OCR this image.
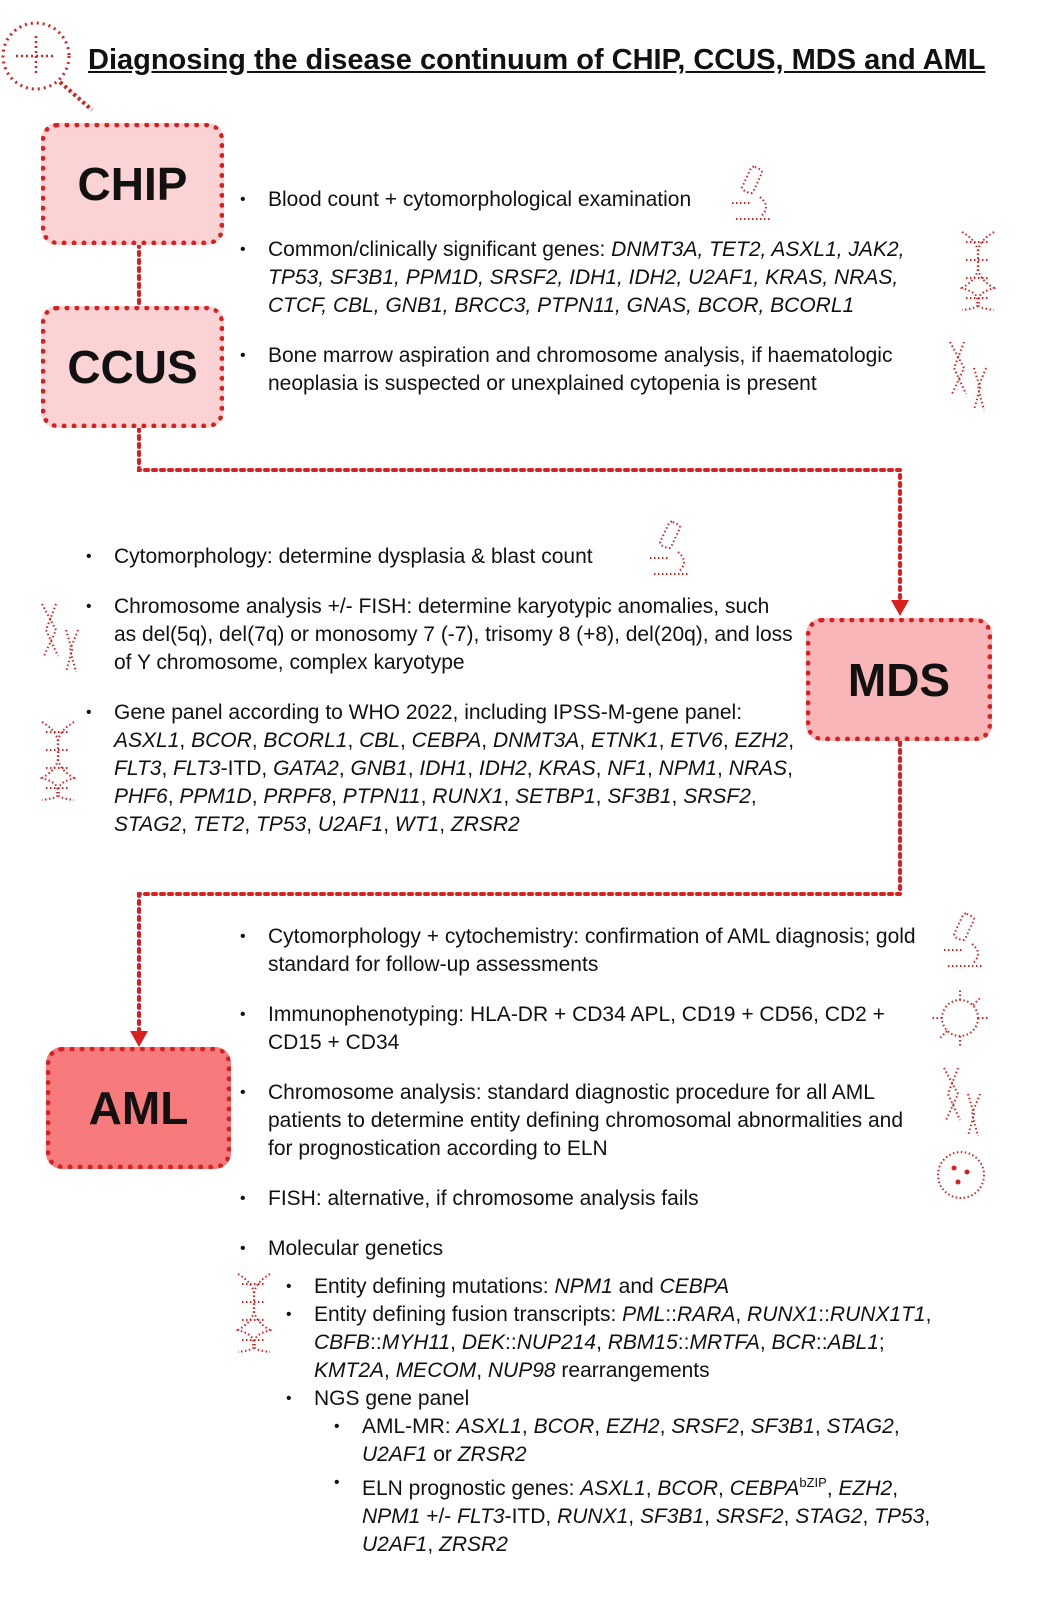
Diagnosing the disease continuum of CHIP, CCUS, MDS and AML
CHIP
CCUS
MDS
AML
• Blood count + cytomorphological examination
• Common/clinically significant genes: DNMT3A, TET2, ASXL1, JAK2, TP53, SF3B1, PPM1D, SRSF2, IDH1, IDH2, U2AF1, KRAS, NRAS, CTCF, CBL, GNB1, BRCC3, PTPN11, GNAS, BCOR, BCORL1
• Bone marrow aspiration and chromosome analysis, if haematologic neoplasia is suspected or unexplained cytopenia is present
• Cytomorphology: determine dysplasia & blast count
• Chromosome analysis +/- FISH: determine karyotypic anomalies, such as del(5q), del(7q) or monosomy 7 (-7), trisomy 8 (+8), del(20q), and loss of Y chromosome, complex karyotype
• Gene panel according to WHO 2022, including IPSS-M-gene panel: ASXL1, BCOR, BCORL1, CBL, CEBPA, DNMT3A, ETNK1, ETV6, EZH2, FLT3, FLT3-ITD, GATA2, GNB1, IDH1, IDH2, KRAS, NF1, NPM1, NRAS, PHF6, PPM1D, PRPF8, PTPN11, RUNX1, SETBP1, SF3B1, SRSF2, STAG2, TET2, TP53, U2AF1, WT1, ZRSR2
• Cytomorphology + cytochemistry: confirmation of AML diagnosis; gold standard for follow-up assessments
• Immunophenotyping: HLA-DR + CD34 APL, CD19 + CD56, CD2 + CD15 + CD34
• Chromosome analysis: standard diagnostic procedure for all AML patients to determine entity defining chromosomal abnormalities and for prognostication according to ELN
• FISH: alternative, if chromosome analysis fails
• Molecular genetics
• Entity defining mutations: NPM1 and CEBPA
• Entity defining fusion transcripts: PML::RARA, RUNX1::RUNX1T1, CBFB::MYH11, DEK::NUP214, RBM15::MRTFA, BCR::ABL1; KMT2A, MECOM, NUP98 rearrangements
• NGS gene panel
• AML-MR: ASXL1, BCOR, EZH2, SRSF2, SF3B1, STAG2, U2AF1 or ZRSR2
• ELN prognostic genes: ASXL1, BCOR, $CEBPA^{bZIP}$, EZH2, NPM1 +/- FLT3-ITD, RUNX1, SF3B1, SRSF2, STAG2, TP53, U2AF1, ZRSR2
